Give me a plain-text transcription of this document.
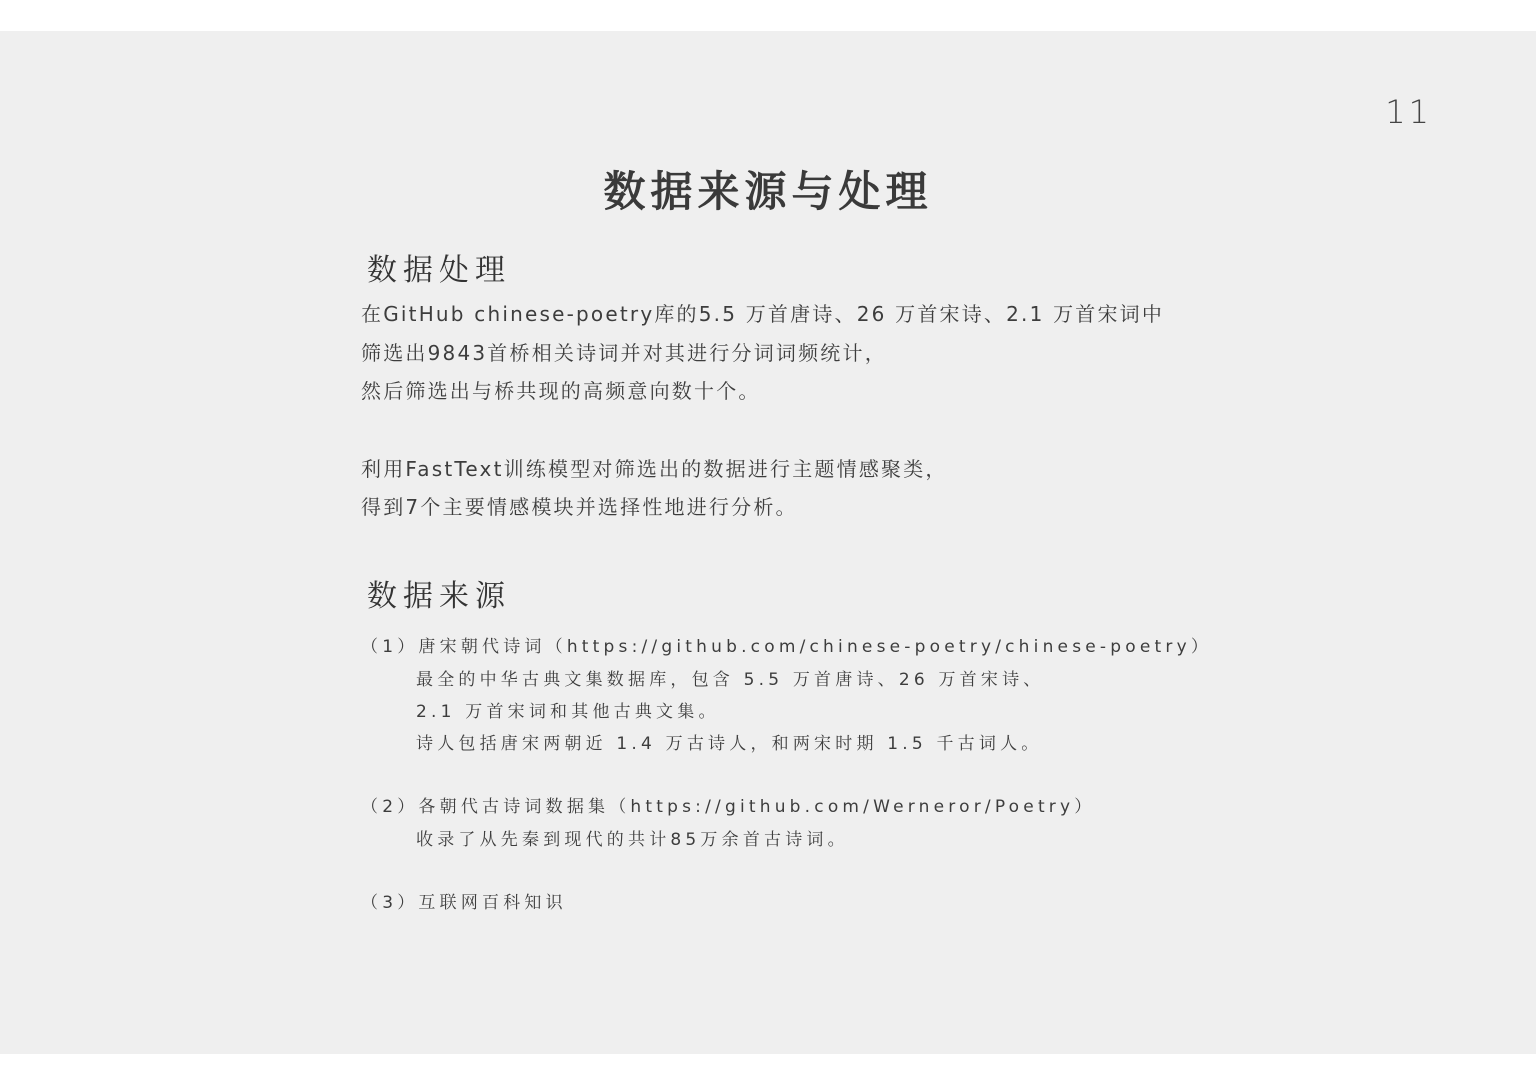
11
数据来源与处理
数据处理
在GitHub chinese-poetry库的5.5 万首唐诗、26 万首宋诗、2.1 万首宋词中
筛选出9843首桥相关诗词并对其进行分词词频统计，
然后筛选出与桥共现的高频意向数十个。
利用FastText训练模型对筛选出的数据进行主题情感聚类，
得到7个主要情感模块并选择性地进行分析。
数据来源
（1）唐宋朝代诗词（https://github.com/chinese-poetry/chinese-poetry）
最全的中华古典文集数据库，包含 5.5 万首唐诗、26 万首宋诗、
2.1 万首宋词和其他古典文集。
诗人包括唐宋两朝近 1.4 万古诗人，和两宋时期 1.5 千古词人。
（2）各朝代古诗词数据集（https://github.com/Werneror/Poetry）
收录了从先秦到现代的共计85万余首古诗词。
（3）互联网百科知识
